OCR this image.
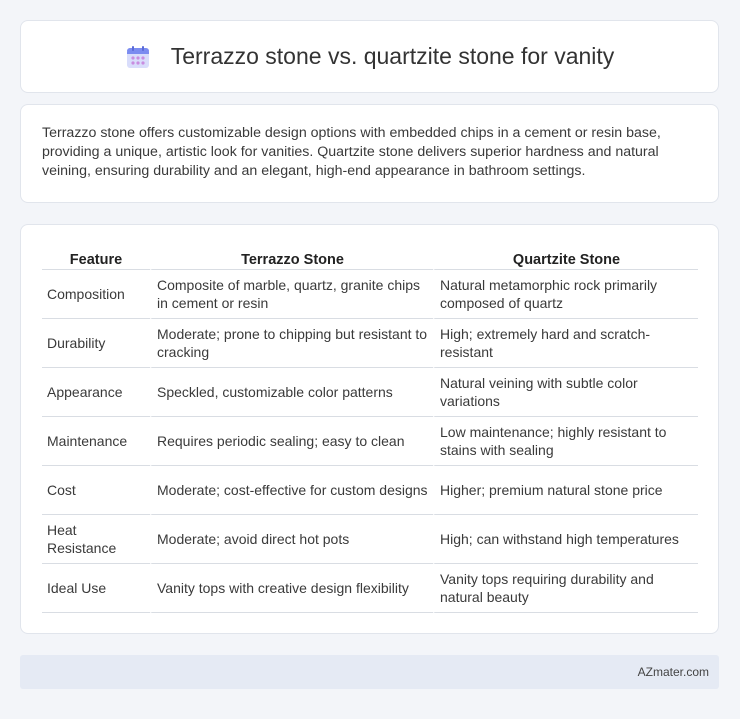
Terrazzo stone vs. quartzite stone for vanity

Terrazzo stone offers customizable design options with embedded chips in a cement or resin base, providing a unique, artistic look for vanities. Quartzite stone delivers superior hardness and natural veining, ensuring durability and an elegant, high-end appearance in bathroom settings.

Feature	Terrazzo Stone	Quartzite Stone
Composition	Composite of marble, quartz, granite chips in cement or resin	Natural metamorphic rock primarily composed of quartz
Durability	Moderate; prone to chipping but resistant to cracking	High; extremely hard and scratch-resistant
Appearance	Speckled, customizable color patterns	Natural veining with subtle color variations
Maintenance	Requires periodic sealing; easy to clean	Low maintenance; highly resistant to stains with sealing
Cost	Moderate; cost-effective for custom designs	Higher; premium natural stone price
Heat Resistance	Moderate; avoid direct hot pots	High; can withstand high temperatures
Ideal Use	Vanity tops with creative design flexibility	Vanity tops requiring durability and natural beauty
AZmater.com
